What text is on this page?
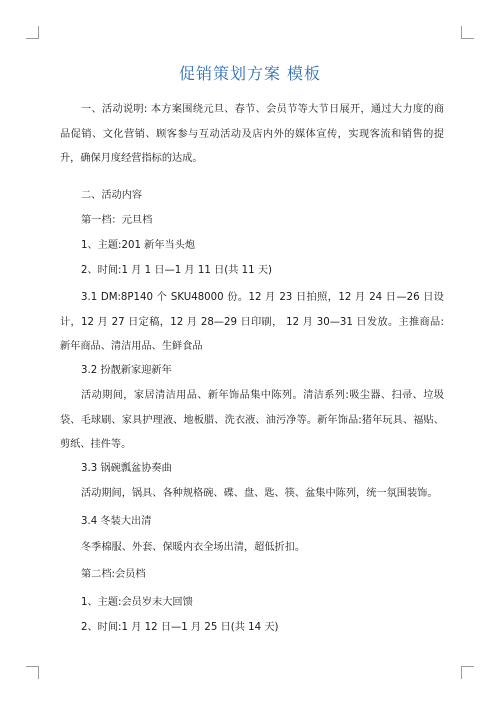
促销策划方案 模板
一、活动说明: 本方案围绕元旦、春节、会员节等大节日展开，通过大力度的商品促销、文化营销、顾客参与互动活动及店内外的媒体宣传，实现客流和销售的提升，确保月度经营指标的达成。
二、活动内容
第一档：元旦档
1、主题:201 新年当头炮
2、时间:1 月 1 日—1 月 11 日(共 11 天)
3.1 DM:8P140 个 SKU48000 份。12 月 23 日拍照，12 月 24 日—26 日设计，12 月 27 日定稿，12 月 28—29 日印刷， 12 月 30—31 日发放。主推商品:新年商品、清洁用品、生鲜食品
3.2 扮靓新家迎新年
活动期间，家居清洁用品、新年饰品集中陈列。清洁系列:吸尘器、扫帚、垃圾袋、毛球刷、家具护理液、地板腊、洗衣液、油污净等。新年饰品:猪年玩具、福贴、剪纸、挂件等。
3.3 锅碗瓢盆协奏曲
活动期间，锅具、各种规格碗、碟、盘、匙、筷、盆集中陈列，统一氛围装饰。
3.4 冬装大出清
冬季棉服、外套、保暖内衣全场出清，超低折扣。
第二档:会员档
1、主题:会员岁末大回馈
2、时间:1 月 12 日—1 月 25 日(共 14 天)
